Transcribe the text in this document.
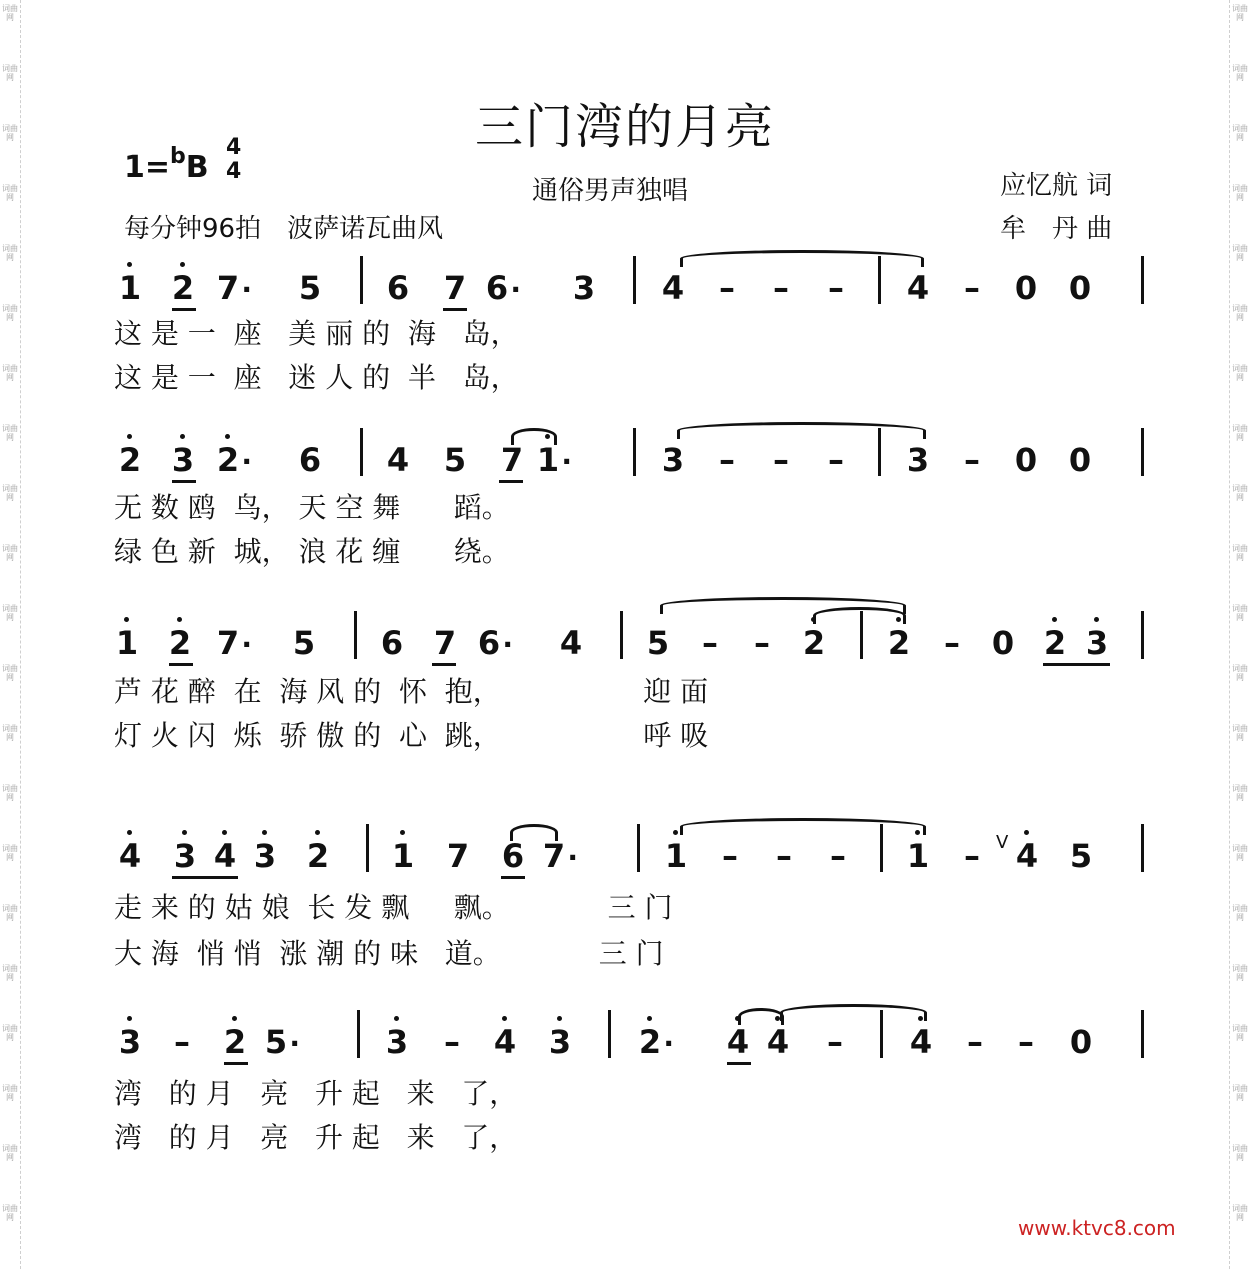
词曲网
词曲网
词曲网
词曲网
词曲网
词曲网
词曲网
词曲网
词曲网
词曲网
词曲网
词曲网
词曲网
词曲网
词曲网
词曲网
词曲网
词曲网
词曲网
词曲网
词曲网
词曲网
词曲网
词曲网
词曲网
词曲网
词曲网
词曲网
词曲网
词曲网
词曲网
词曲网
词曲网
词曲网
词曲网
词曲网
词曲网
词曲网
词曲网
词曲网
词曲网
词曲网
三门湾的月亮
1=$^b$B
4
4
通俗男声独唱	应忆航 词
每分钟96拍　波萨诺瓦曲风	牟　丹 曲
1 2 7 · 5 6 7 6 · 3 4	–	–	–	4	–	0 0
这 是 一  座   美 丽 的  海   岛，
这 是 一  座   迷 人 的  半   岛，
2 3 2 · 6 4 5 7 1 ·	3	–	–	–	3	–	0 0
无 数 鸥  鸟， 天 空 舞      蹈。
绿 色 新  城， 浪 花 缠      绕。
1 2 7 · 5 6 7 6 · 4 5	–	–	2 2	– 0 2 3
芦 花 醉  在  海 风 的  怀  抱，                迎 面
灯 火 闪  烁  骄 傲 的  心  跳，                呼 吸
4 3 4 3 2 1 7 6 7 ·	1	–	–	–	1	–	4 5
V
走 来 的 姑 娘  长 发 飘     飘。           三 门
大 海  悄 悄  涨 潮 的 味   道。           三 门
3	–	2 5 ·	3	–	4 3 2 · 4 4	–	4	–	–	0
湾   的 月   亮   升 起   来   了，
湾   的 月   亮   升 起   来   了，
www.ktvc8.com
